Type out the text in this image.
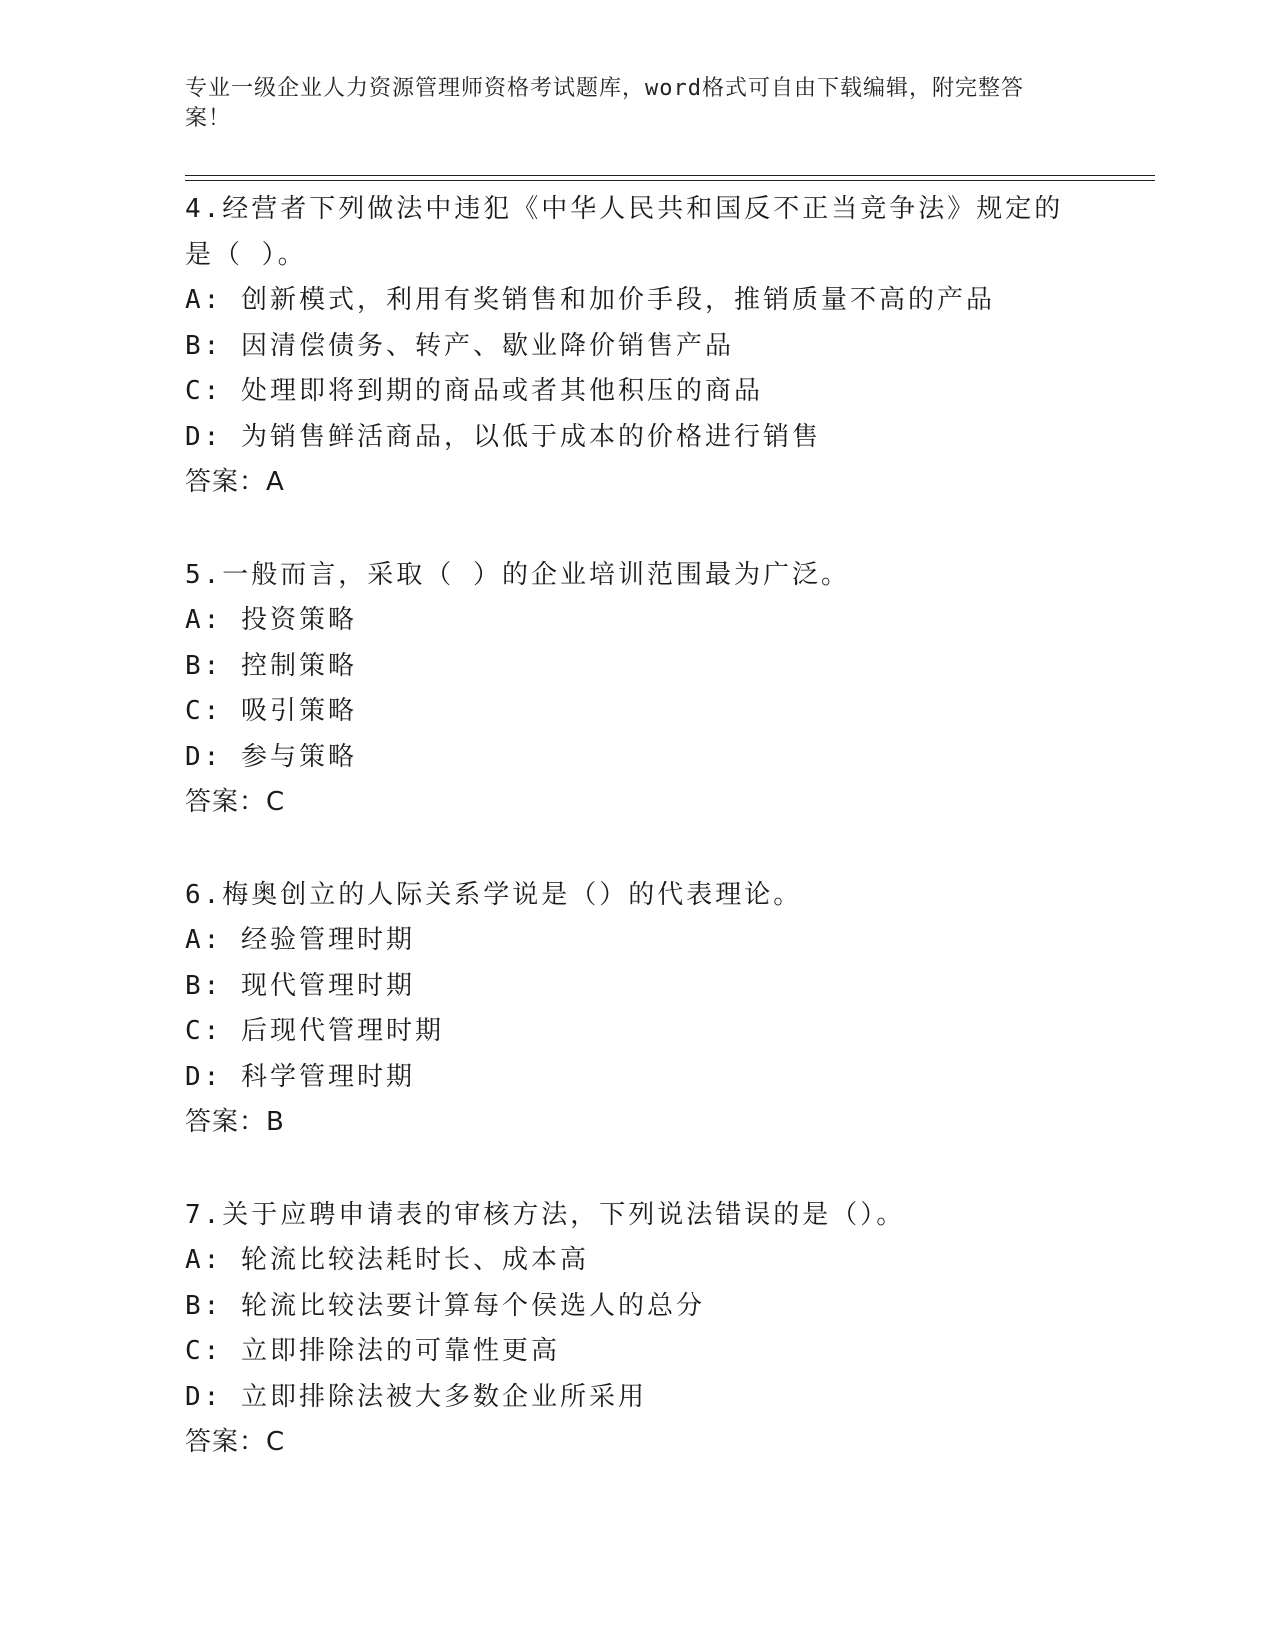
专业一级企业人力资源管理师资格考试题库，word格式可自由下载编辑，附完整答案！
4.经营者下列做法中违犯《中华人民共和国反不正当竞争法》规定的是（ ）。
A: 创新模式，利用有奖销售和加价手段，推销质量不高的产品
B: 因清偿债务、转产、歇业降价销售产品
C: 处理即将到期的商品或者其他积压的商品
D: 为销售鲜活商品，以低于成本的价格进行销售
答案：A
5.一般而言，采取（ ）的企业培训范围最为广泛。
A: 投资策略
B: 控制策略
C: 吸引策略
D: 参与策略
答案：C
6.梅奥创立的人际关系学说是（）的代表理论。
A: 经验管理时期
B: 现代管理时期
C: 后现代管理时期
D: 科学管理时期
答案：B
7.关于应聘申请表的审核方法，下列说法错误的是（）。
A: 轮流比较法耗时长、成本高
B: 轮流比较法要计算每个侯选人的总分
C: 立即排除法的可靠性更高
D: 立即排除法被大多数企业所采用
答案：C
